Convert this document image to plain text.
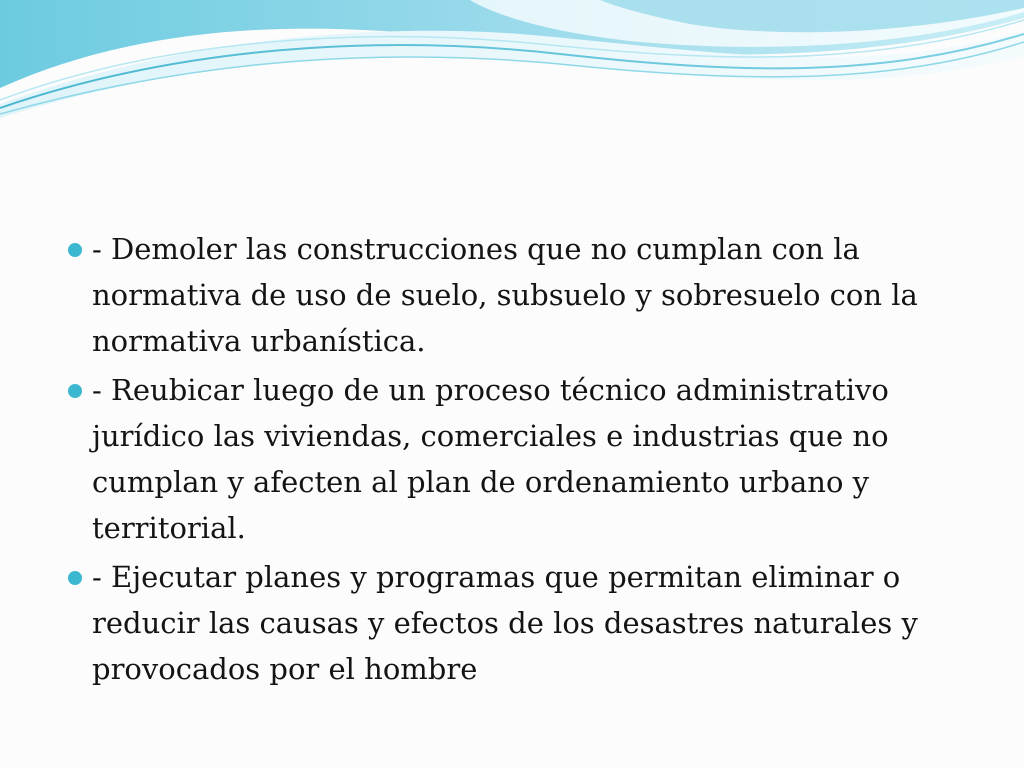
- Demoler las construcciones que no cumplan con la normativa de uso de suelo, subsuelo y sobresuelo con la normativa urbanística.
- Reubicar luego de un proceso técnico administrativo jurídico las viviendas, comerciales e industrias que no cumplan y afecten al plan de ordenamiento urbano y territorial.
- Ejecutar planes y programas que permitan eliminar o reducir las causas y efectos de los desastres naturales y provocados por el hombre
